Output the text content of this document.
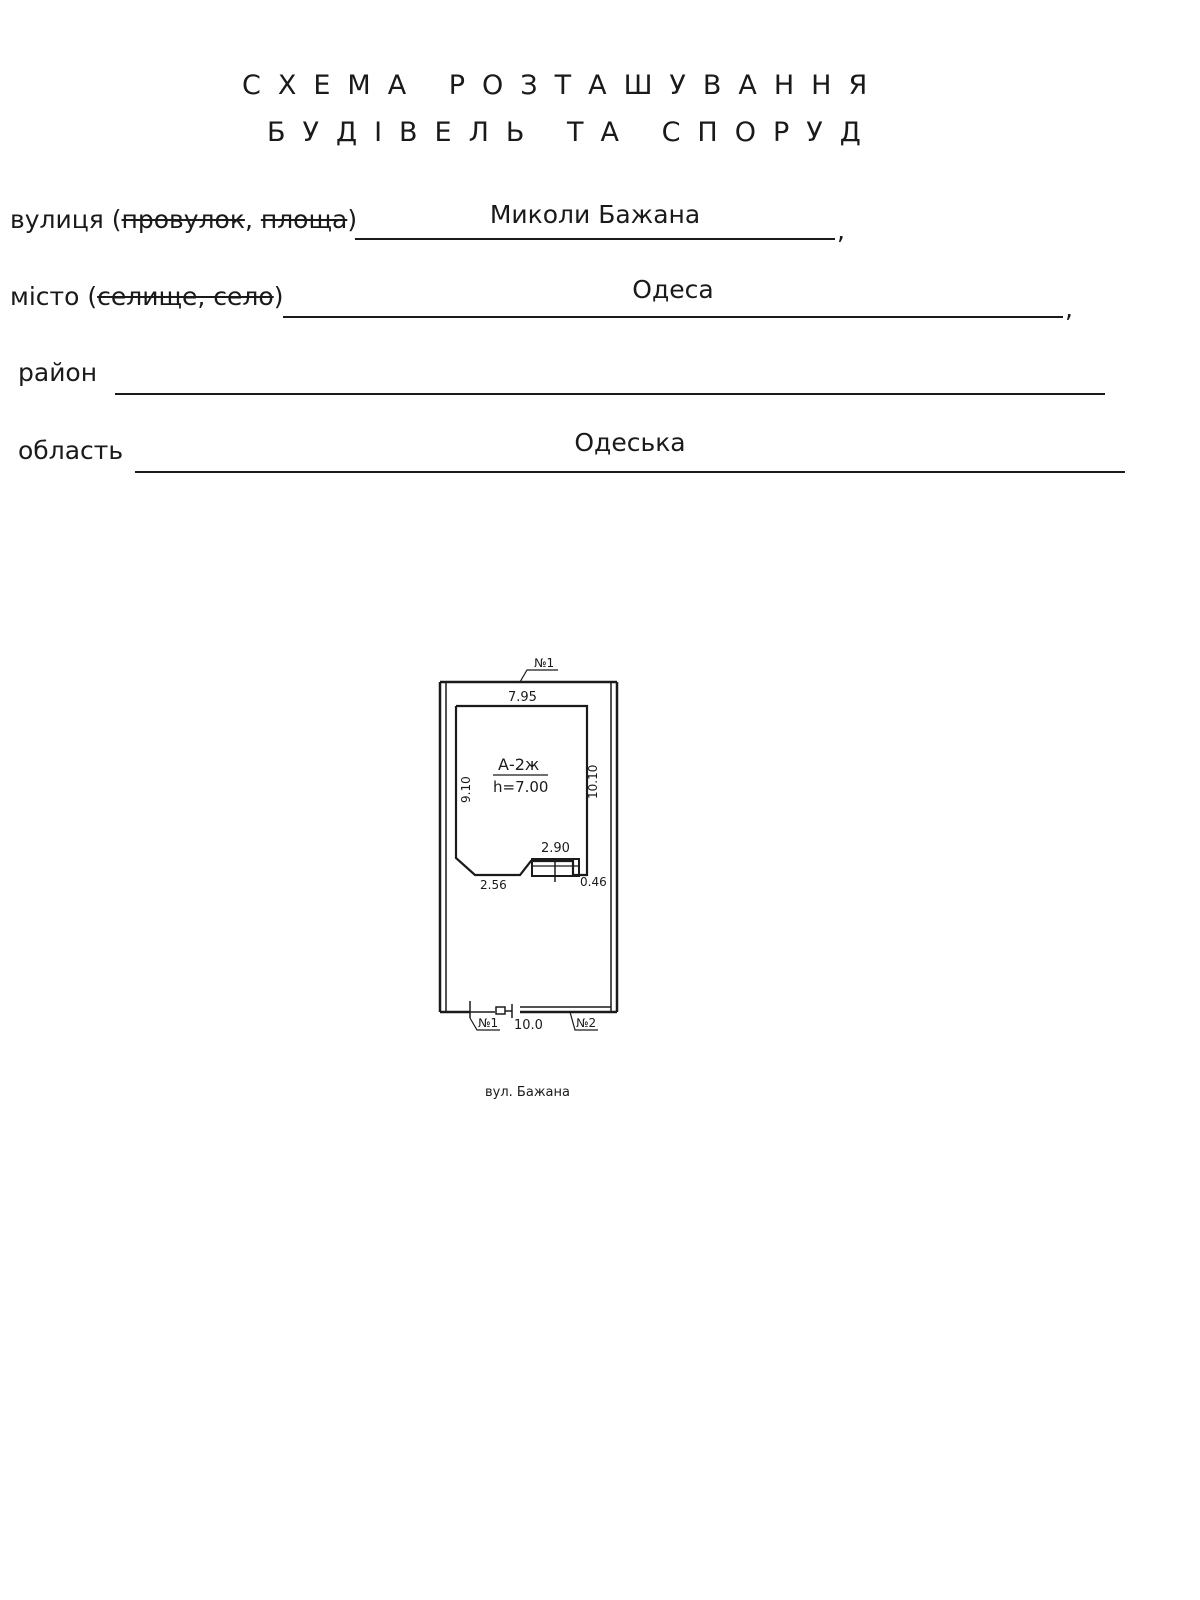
СХЕМА РОЗТАШУВАННЯ
БУДІВЕЛЬ ТА СПОРУД
вулиця (провулок, площа)	Миколи Бажана
,
місто (селище, село)	Одеса
,
район
область	Одеська
№1
7.95
9.10	10.10
2.90
2.56	0.46
А-2ж
h=7.00
№1 10.0	№2
вул. Бажана
